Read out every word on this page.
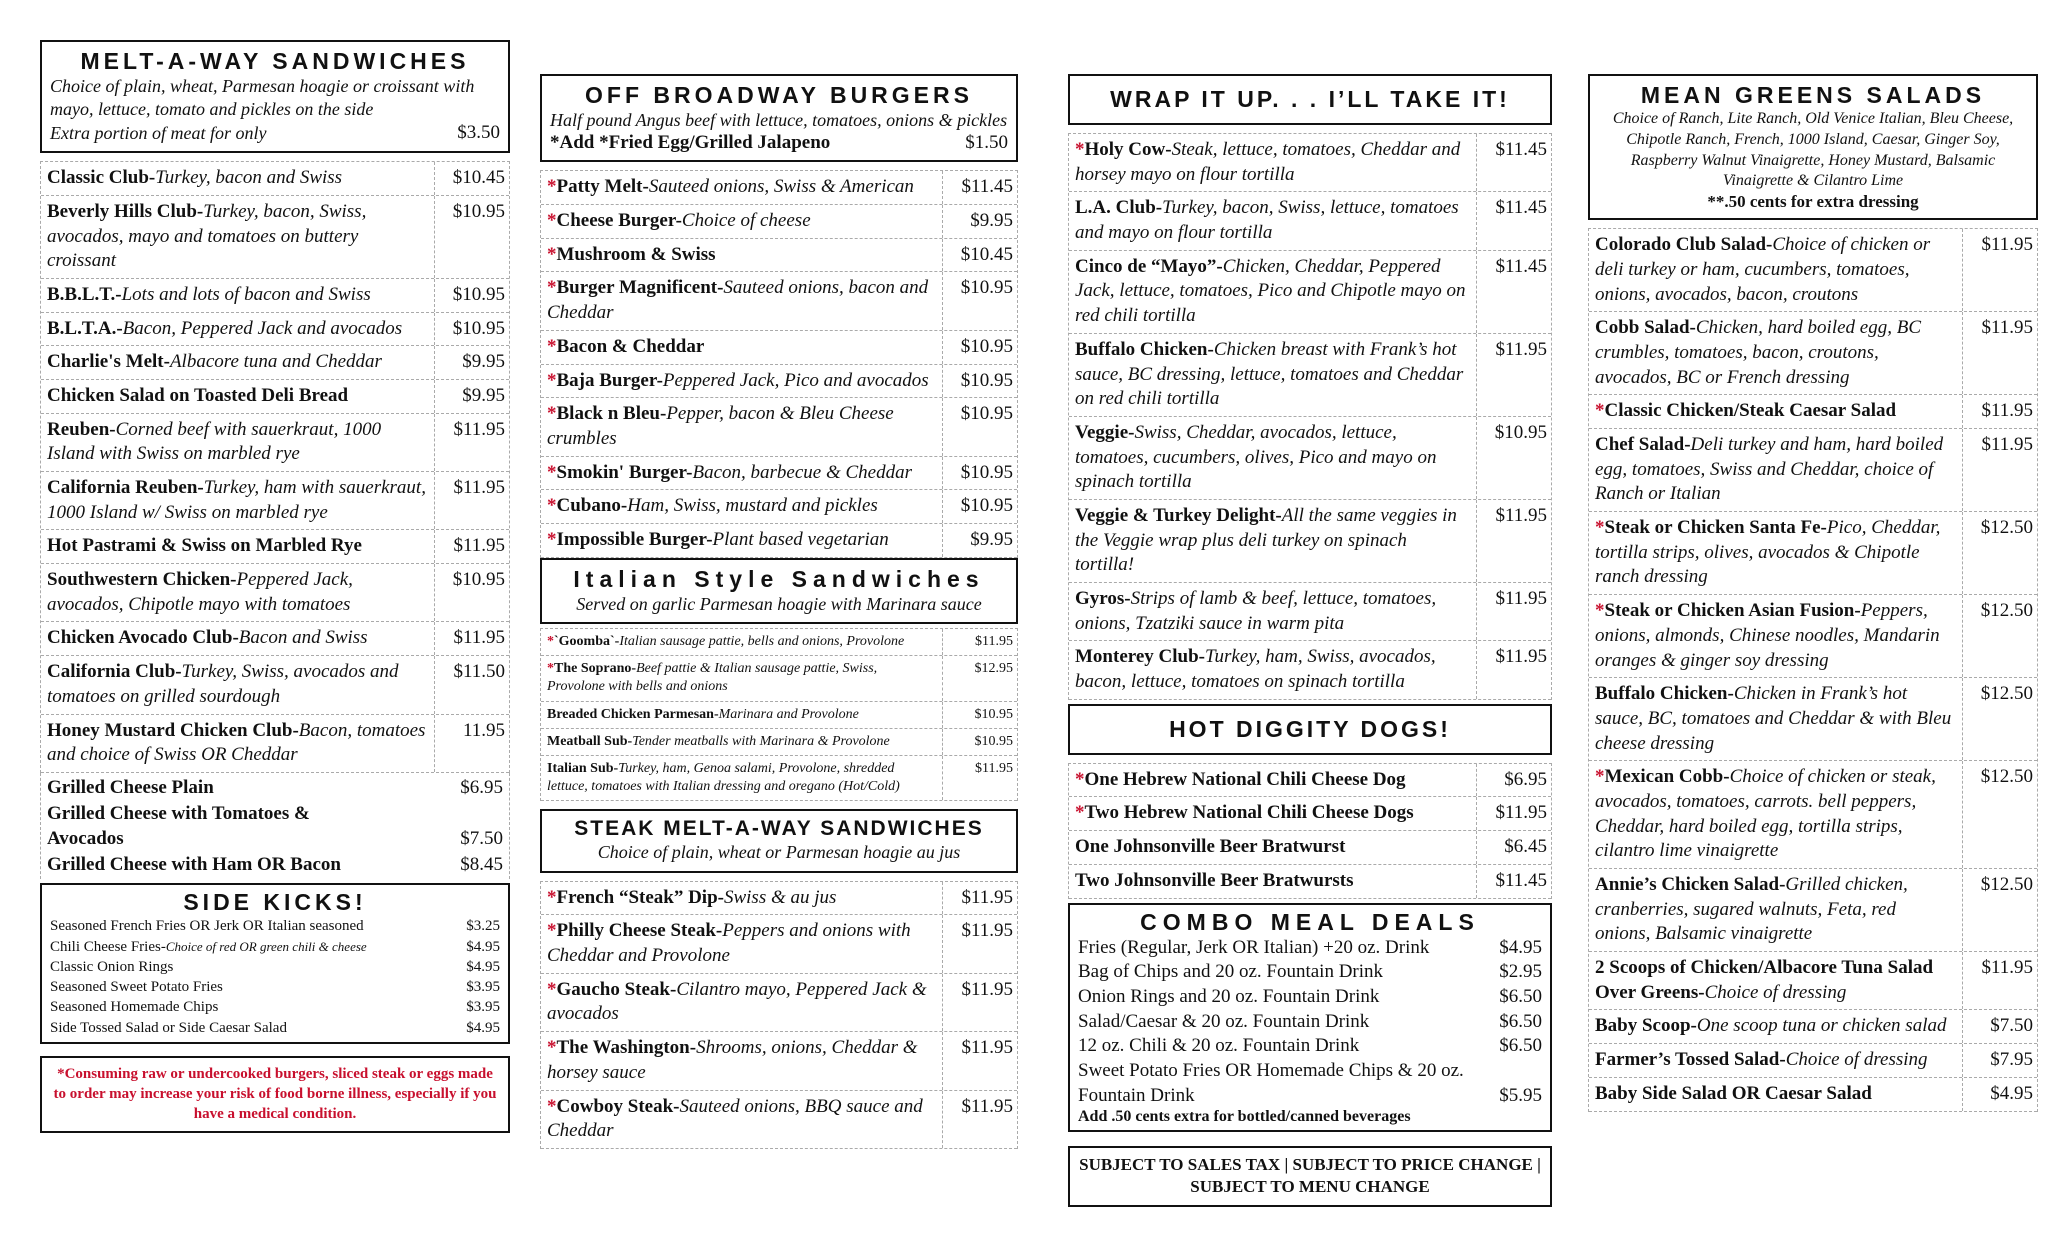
MELT-A-WAY SANDWICHES
Choice of plain, wheat, Parmesan hoagie or croissant with mayo, lettuce, tomato and pickles on the side
Extra portion of meat for only	$3.50
Classic Club-Turkey, bacon and Swiss	$10.45
Beverly Hills Club-Turkey, bacon, Swiss, avocados, mayo and tomatoes on buttery croissant
$10.95
B.B.L.T.-Lots and lots of bacon and Swiss	$10.95
B.L.T.A.-Bacon, Peppered Jack and avocados	$10.95
Charlie's Melt-Albacore tuna and Cheddar	$9.95
Chicken Salad on Toasted Deli Bread	$9.95
Reuben-Corned beef with sauerkraut, 1000 Island with Swiss on marbled rye
$11.95
California Reuben-Turkey, ham with sauerkraut, 1000 Island w/ Swiss on marbled rye
$11.95
Hot Pastrami & Swiss on Marbled Rye	$11.95
Southwestern Chicken-Peppered Jack, avocados, Chipotle mayo with tomatoes
$10.95
Chicken Avocado Club-Bacon and Swiss	$11.95
California Club-Turkey, Swiss, avocados and tomatoes on grilled sourdough
$11.50
Honey Mustard Chicken Club-Bacon, tomatoes and choice of Swiss OR Cheddar
11.95
Grilled Cheese Plain	$6.95
Grilled Cheese with Tomatoes & Avocados	$7.50
Grilled Cheese with Ham OR Bacon	$8.45
SIDE KICKS!
Seasoned French Fries OR Jerk OR Italian seasoned	$3.25
Chili Cheese Fries-Choice of red OR green chili & cheese	$4.95
Classic Onion Rings	$4.95
Seasoned Sweet Potato Fries	$3.95
Seasoned Homemade Chips	$3.95
Side Tossed Salad or Side Caesar Salad	$4.95
*Consuming raw or undercooked burgers, sliced steak or eggs made to order may increase your risk of food borne illness, especially if you have a medical condition.
OFF BROADWAY BURGERS
Half pound Angus beef with lettuce, tomatoes, onions & pickles
*Add *Fried Egg/Grilled Jalapeno	$1.50
*Patty Melt-Sauteed onions, Swiss & American	$11.45
*Cheese Burger-Choice of cheese	$9.95
*Mushroom & Swiss	$10.45
*Burger Magnificent-Sauteed onions, bacon and Cheddar
$10.95
*Bacon & Cheddar	$10.95
*Baja Burger-Peppered Jack, Pico and avocados	$10.95
*Black n Bleu-Pepper, bacon & Bleu Cheese crumbles
$10.95
*Smokin' Burger-Bacon, barbecue & Cheddar	$10.95
*Cubano-Ham, Swiss, mustard and pickles	$10.95
*Impossible Burger-Plant based vegetarian	$9.95
Italian Style Sandwiches
Served on garlic Parmesan hoagie with Marinara sauce
*`Goomba`-Italian sausage pattie, bells and onions, Provolone	$11.95
*The Soprano-Beef pattie & Italian sausage pattie, Swiss, Provolone with bells and onions
$12.95
Breaded Chicken Parmesan-Marinara and Provolone	$10.95
Meatball Sub-Tender meatballs with Marinara & Provolone	$10.95
Italian Sub-Turkey, ham, Genoa salami, Provolone, shredded lettuce, tomatoes with Italian dressing and oregano (Hot/Cold)
$11.95
STEAK MELT-A-WAY SANDWICHES
Choice of plain, wheat or Parmesan hoagie au jus
*French “Steak” Dip-Swiss & au jus	$11.95
*Philly Cheese Steak-Peppers and onions with Cheddar and Provolone
$11.95
*Gaucho Steak-Cilantro mayo, Peppered Jack & avocados
$11.95
*The Washington-Shrooms, onions, Cheddar & horsey sauce
$11.95
*Cowboy Steak-Sauteed onions, BBQ sauce and Cheddar
$11.95
WRAP IT UP. . . I’LL TAKE IT!
*Holy Cow-Steak, lettuce, tomatoes, Cheddar and horsey mayo on flour tortilla
$11.45
L.A. Club-Turkey, bacon, Swiss, lettuce, tomatoes and mayo on flour tortilla
$11.45
Cinco de “Mayo”-Chicken, Cheddar, Peppered Jack, lettuce, tomatoes, Pico and Chipotle mayo on red chili tortilla
$11.45
Buffalo Chicken-Chicken breast with Frank’s hot sauce, BC dressing, lettuce, tomatoes and Cheddar on red chili tortilla
$11.95
Veggie-Swiss, Cheddar, avocados, lettuce, tomatoes, cucumbers, olives, Pico and mayo on spinach tortilla
$10.95
Veggie & Turkey Delight-All the same veggies in the Veggie wrap plus deli turkey on spinach tortilla!
$11.95
Gyros-Strips of lamb & beef, lettuce, tomatoes, onions, Tzatziki sauce in warm pita
$11.95
Monterey Club-Turkey, ham, Swiss, avocados, bacon, lettuce, tomatoes on spinach tortilla
$11.95
HOT DIGGITY DOGS!
*One Hebrew National Chili Cheese Dog	$6.95
*Two Hebrew National Chili Cheese Dogs	$11.95
One Johnsonville Beer Bratwurst	$6.45
Two Johnsonville Beer Bratwursts	$11.45
COMBO MEAL DEALS
Fries (Regular, Jerk OR Italian) +20 oz. Drink	$4.95
Bag of Chips and 20 oz. Fountain Drink	$2.95
Onion Rings and 20 oz. Fountain Drink	$6.50
Salad/Caesar & 20 oz. Fountain Drink	$6.50
12 oz. Chili & 20 oz. Fountain Drink	$6.50
Sweet Potato Fries OR Homemade Chips & 20 oz. Fountain Drink	$5.95
Add .50 cents extra for bottled/canned beverages
SUBJECT TO SALES TAX | SUBJECT TO PRICE CHANGE | SUBJECT TO MENU CHANGE
MEAN GREENS SALADS
Choice of Ranch, Lite Ranch, Old Venice Italian, Bleu Cheese, Chipotle Ranch, French, 1000 Island, Caesar, Ginger Soy, Raspberry Walnut Vinaigrette, Honey Mustard, Balsamic Vinaigrette & Cilantro Lime
**.50 cents for extra dressing
Colorado Club Salad-Choice of chicken or deli turkey or ham, cucumbers, tomatoes, onions, avocados, bacon, croutons
$11.95
Cobb Salad-Chicken, hard boiled egg, BC crumbles, tomatoes, bacon, croutons, avocados, BC or French dressing
$11.95
*Classic Chicken/Steak Caesar Salad	$11.95
Chef Salad-Deli turkey and ham, hard boiled egg, tomatoes, Swiss and Cheddar, choice of Ranch or Italian
$11.95
*Steak or Chicken Santa Fe-Pico, Cheddar, tortilla strips, olives, avocados & Chipotle ranch dressing
$12.50
*Steak or Chicken Asian Fusion-Peppers, onions, almonds, Chinese noodles, Mandarin oranges & ginger soy dressing
$12.50
Buffalo Chicken-Chicken in Frank’s hot sauce, BC, tomatoes and Cheddar & with Bleu cheese dressing
$12.50
*Mexican Cobb-Choice of chicken or steak, avocados, tomatoes, carrots. bell peppers, Cheddar, hard boiled egg, tortilla strips, cilantro lime vinaigrette
$12.50
Annie’s Chicken Salad-Grilled chicken, cranberries, sugared walnuts, Feta, red onions, Balsamic vinaigrette
$12.50
2 Scoops of Chicken/Albacore Tuna Salad Over Greens-Choice of dressing
$11.95
Baby Scoop-One scoop tuna or chicken salad	$7.50
Farmer’s Tossed Salad-Choice of dressing	$7.95
Baby Side Salad OR Caesar Salad	$4.95
